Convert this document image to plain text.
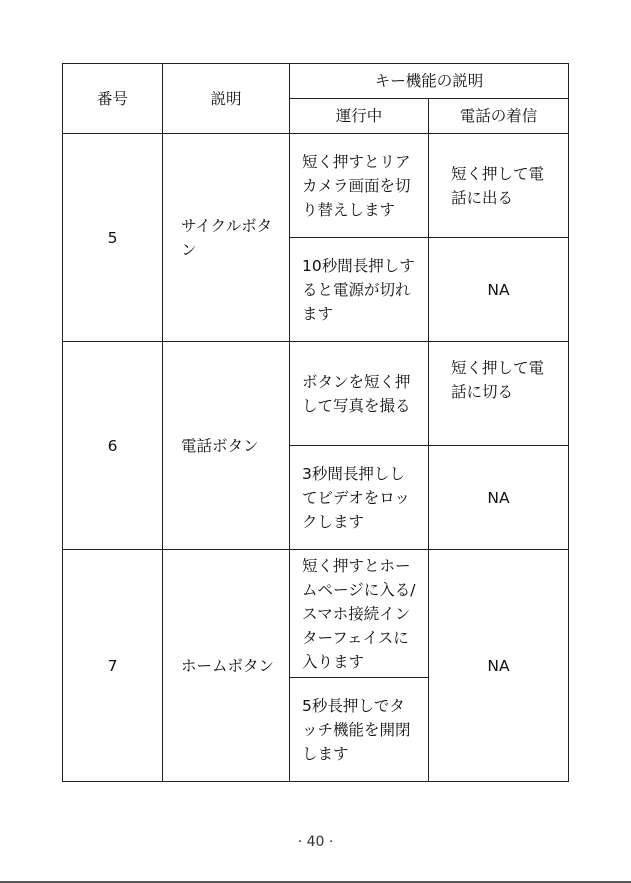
番号	説明	キー機能の説明	
		運行中	電話の着信
5	サイクルボタン	短く押すとリアカメラ画面を切り替えします	短く押して電話に出る
		10秒間長押しすると電源が切れます	NA
6	電話ボタン	ボタンを短く押して写真を撮る	短く押して電話に切る
		3秒間長押ししてビデオをロックします	NA
7	ホームボタン	短く押すとホームページに入る/スマホ接続インターフェイスに入ります	NA
		5秒長押しでタッチ機能を開閉します	
· 40 ·
